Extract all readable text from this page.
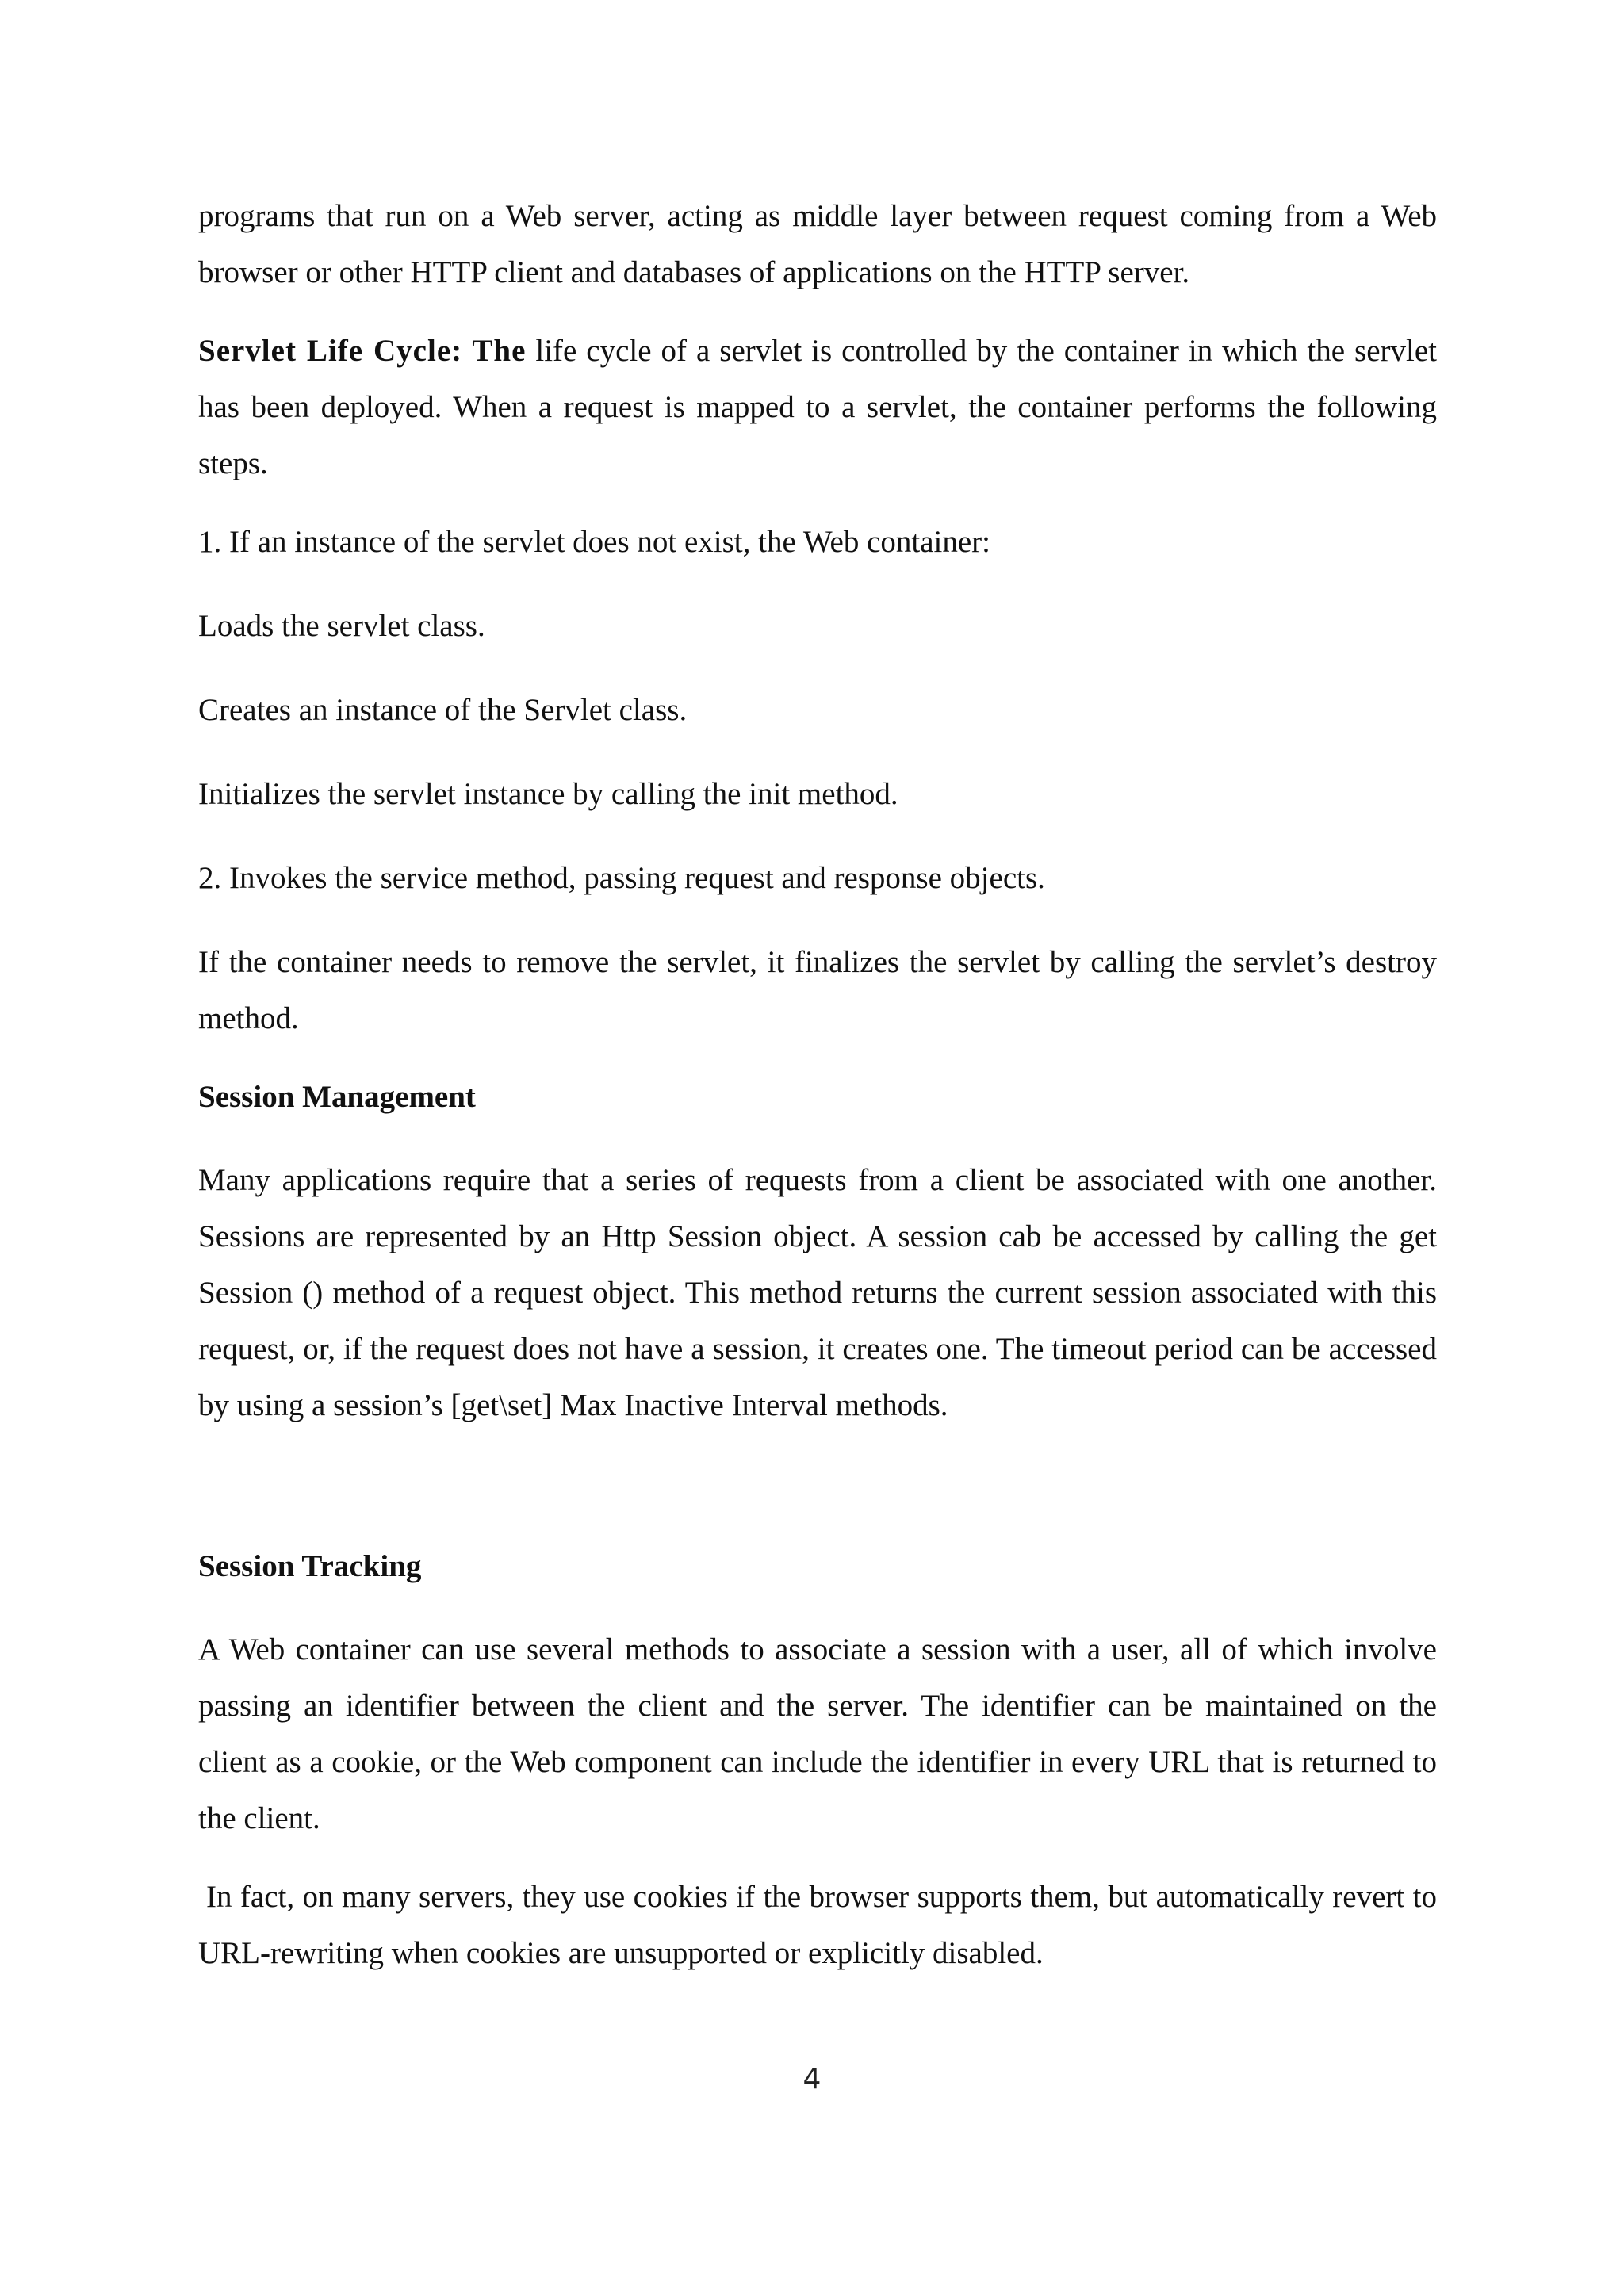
programs that run on a Web server, acting as middle layer between request coming from a Web browser or other HTTP client and databases of applications on the HTTP server.

Servlet Life Cycle: The life cycle of a servlet is controlled by the container in which the servlet has been deployed. When a request is mapped to a servlet, the container performs the following steps.

1. If an instance of the servlet does not exist, the Web container:

Loads the servlet class.

Creates an instance of the Servlet class.

Initializes the servlet instance by calling the init method.

2. Invokes the service method, passing request and response objects.

If the container needs to remove the servlet, it finalizes the servlet by calling the servlet’s destroy method.

Session Management

Many applications require that a series of requests from a client be associated with one another. Sessions are represented by an Http Session object. A session cab be accessed by calling the get Session () method of a request object. This method returns the current session associated with this request, or, if the request does not have a session, it creates one. The timeout period can be accessed by using a session’s [get\set] Max Inactive Interval methods.

Session Tracking

A Web container can use several methods to associate a session with a user, all of which involve passing an identifier between the client and the server. The identifier can be maintained on the client as a cookie, or the Web component can include the identifier in every URL that is returned to the client.

In fact, on many servers, they use cookies if the browser supports them, but automatically revert to URL-rewriting when cookies are unsupported or explicitly disabled.

4
